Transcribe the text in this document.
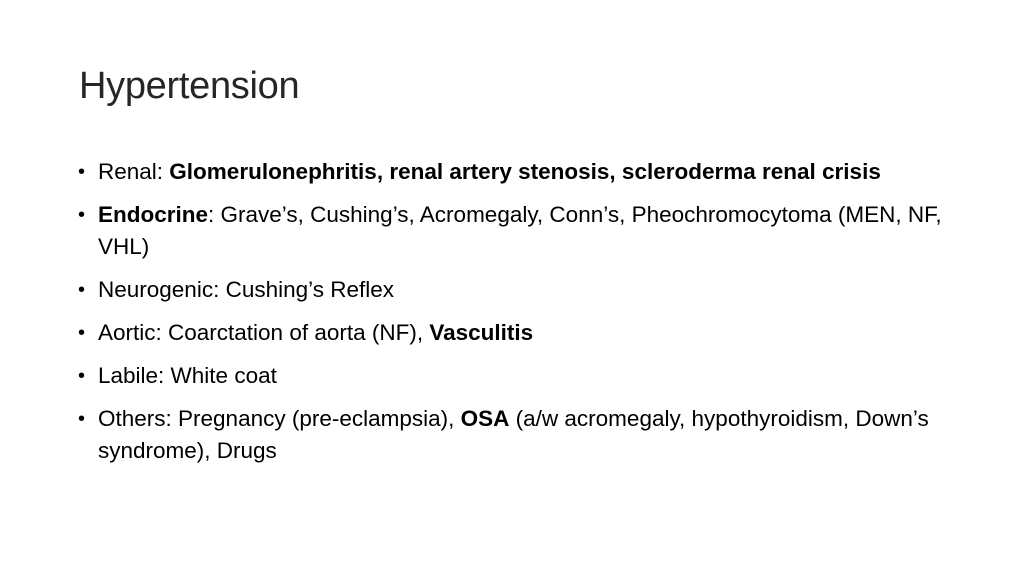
Hypertension
• Renal: Glomerulonephritis, renal artery stenosis, scleroderma renal crisis
• Endocrine: Grave’s, Cushing’s, Acromegaly, Conn’s, Pheochromocytoma (MEN, NF, VHL)
• Neurogenic: Cushing’s Reflex
• Aortic: Coarctation of aorta (NF), Vasculitis
• Labile: White coat
• Others: Pregnancy (pre-eclampsia), OSA (a/w acromegaly, hypothyroidism, Down’s syndrome), Drugs
